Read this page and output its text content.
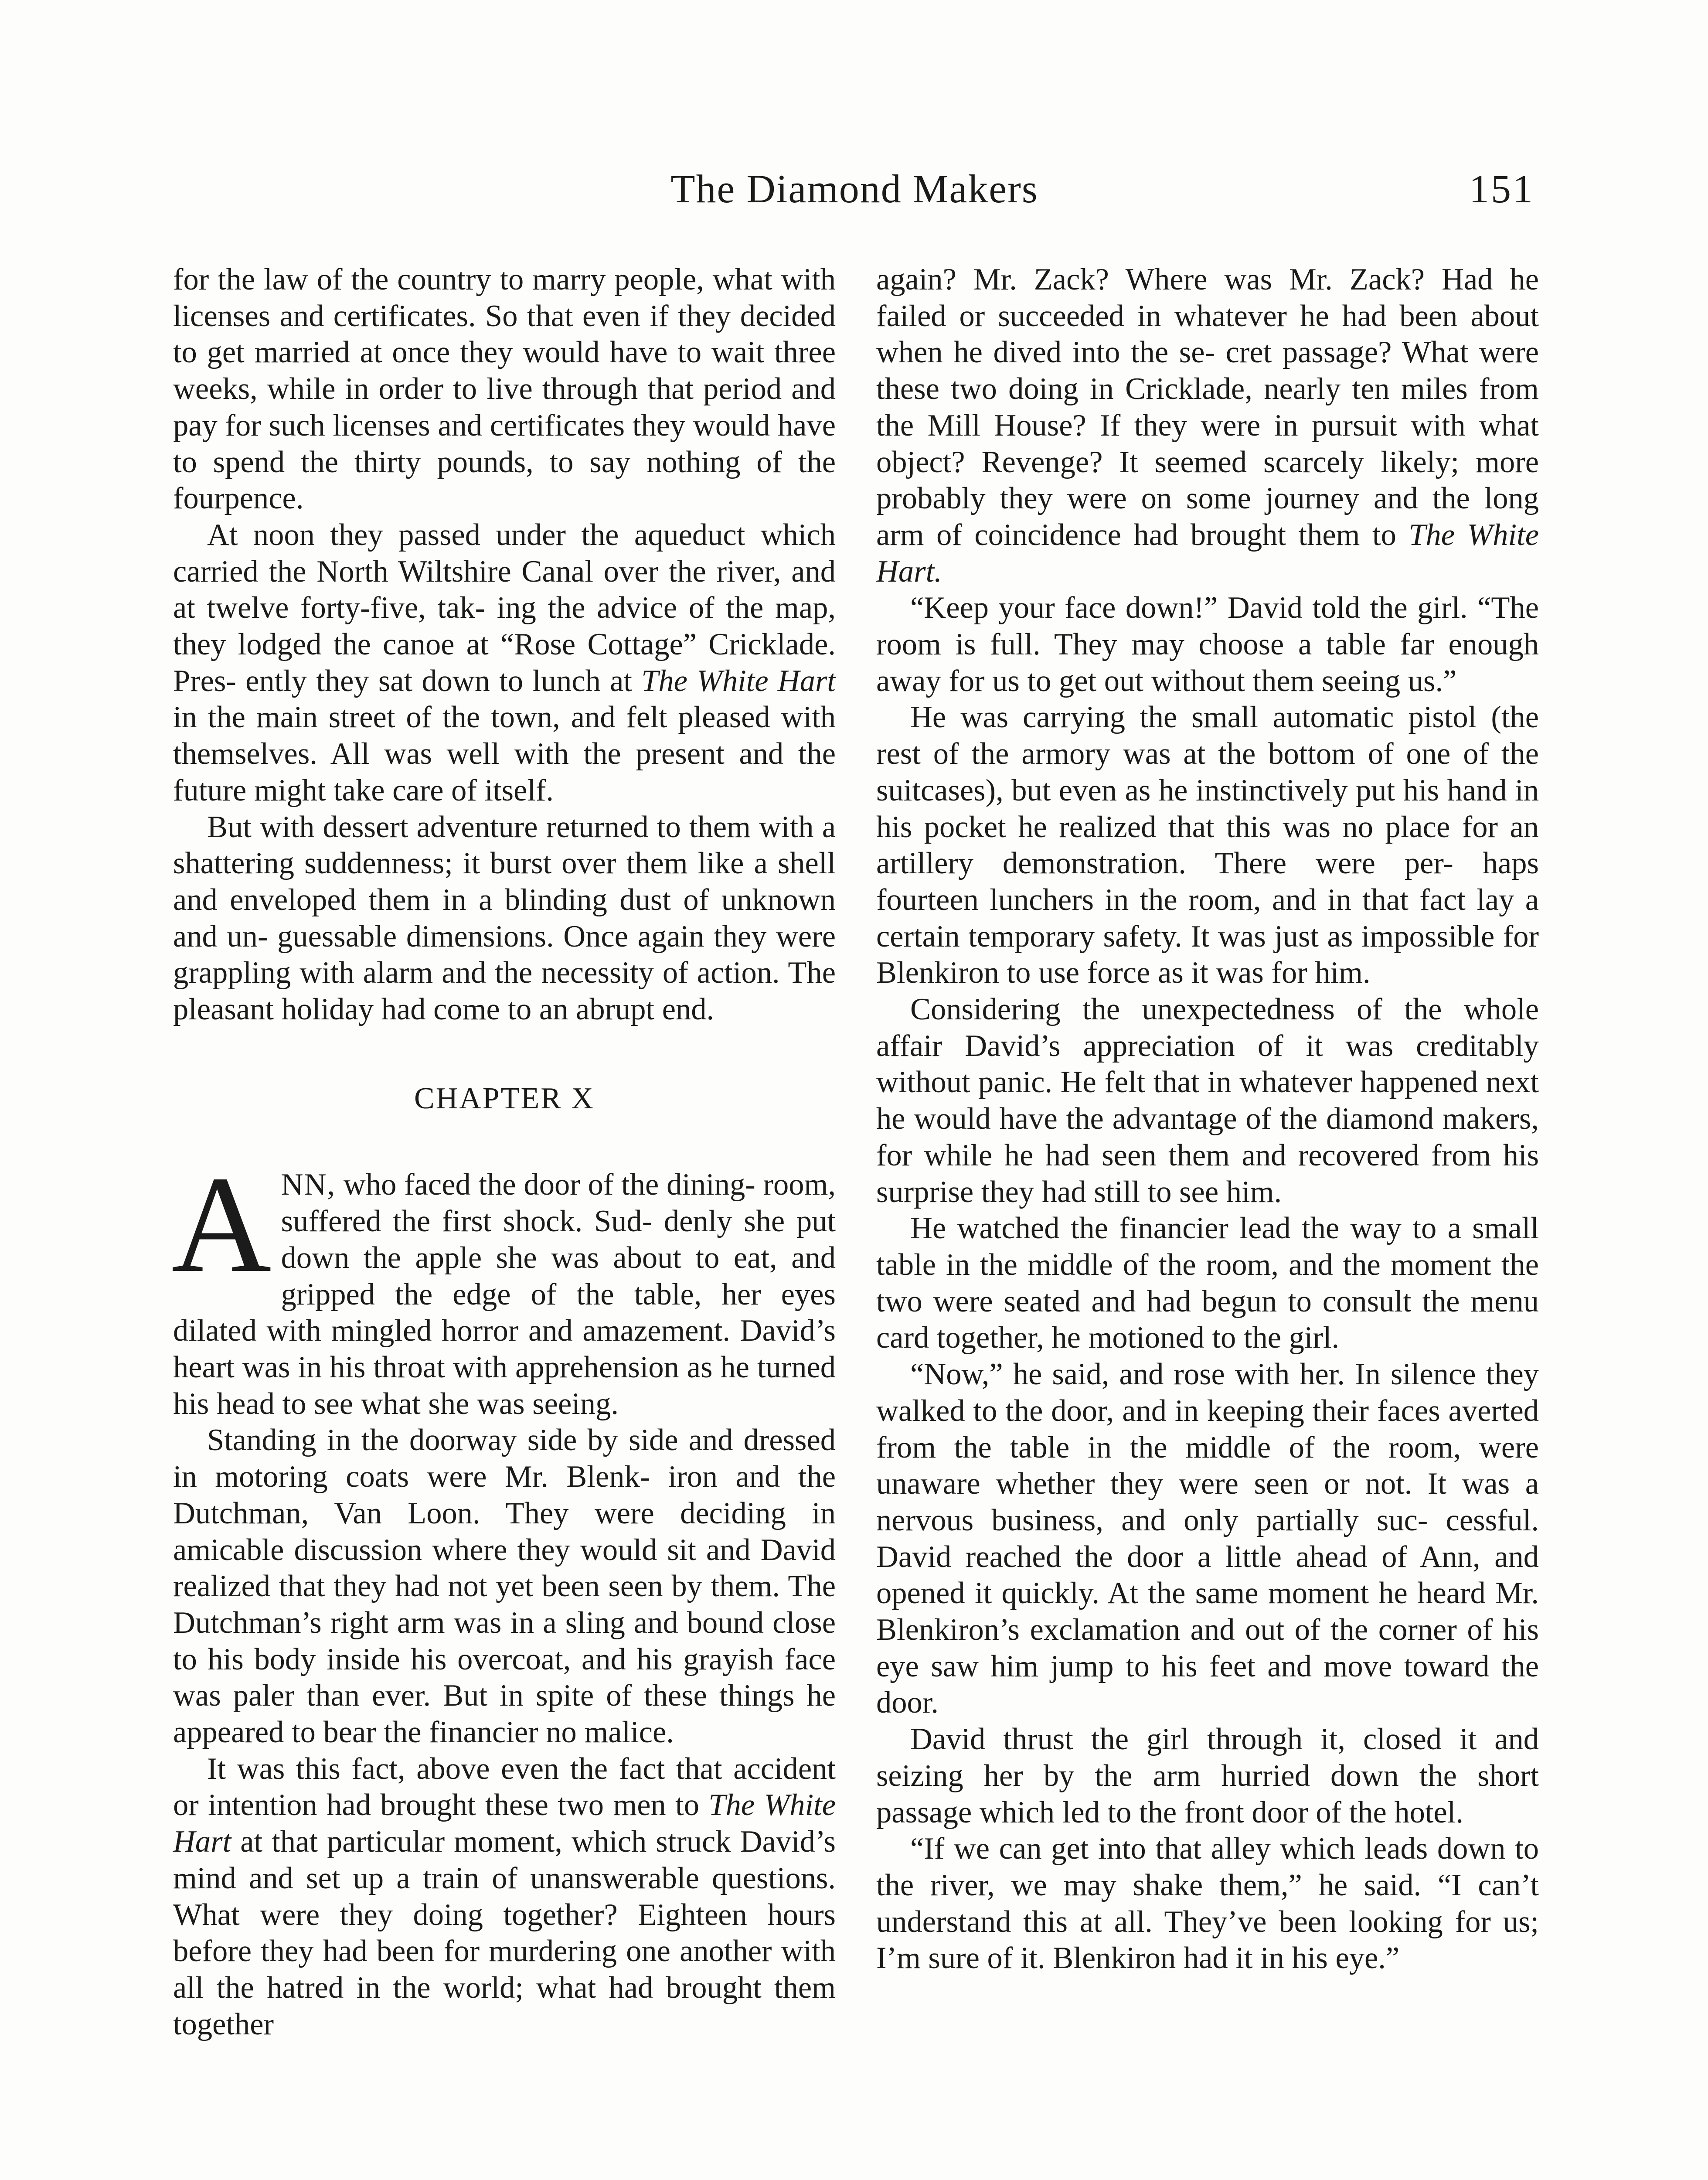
The Diamond Makers	151

for the law of the country to marry people, what with licenses and certificates. So that even if they decided to get married at once they would have to wait three weeks, while in order to live through that period and pay for such licenses and certificates they would have to spend the thirty pounds, to say nothing of the fourpence.

At noon they passed under the aqueduct which carried the North Wiltshire Canal over the river, and at twelve forty-five, tak- ing the advice of the map, they lodged the canoe at “Rose Cottage” Cricklade. Pres- ently they sat down to lunch at The White Hart in the main street of the town, and felt pleased with themselves. All was well with the present and the future might take care of itself.

But with dessert adventure returned to them with a shattering suddenness; it burst over them like a shell and enveloped them in a blinding dust of unknown and un- guessable dimensions. Once again they were grappling with alarm and the necessity of action. The pleasant holiday had come to an abrupt end.

CHAPTER X

ANN, who faced the door of the dining- room, suffered the first shock. Sud- denly she put down the apple she was about to eat, and gripped the edge of the table, her eyes dilated with mingled horror and amazement. David’s heart was in his throat with apprehension as he turned his head to see what she was seeing.

Standing in the doorway side by side and dressed in motoring coats were Mr. Blenk- iron and the Dutchman, Van Loon. They were deciding in amicable discussion where they would sit and David realized that they had not yet been seen by them. The Dutchman’s right arm was in a sling and bound close to his body inside his overcoat, and his grayish face was paler than ever. But in spite of these things he appeared to bear the financier no malice.

It was this fact, above even the fact that accident or intention had brought these two men to The White Hart at that particular moment, which struck David’s mind and set up a train of unanswerable questions. What were they doing together? Eighteen hours before they had been for murdering one another with all the hatred in the world; what had brought them together

again? Mr. Zack? Where was Mr. Zack? Had he failed or succeeded in whatever he had been about when he dived into the se- cret passage? What were these two doing in Cricklade, nearly ten miles from the Mill House? If they were in pursuit with what object? Revenge? It seemed scarcely likely; more probably they were on some journey and the long arm of coincidence had brought them to The White Hart.

“Keep your face down!” David told the girl. “The room is full. They may choose a table far enough away for us to get out without them seeing us.”

He was carrying the small automatic pistol (the rest of the armory was at the bottom of one of the suitcases), but even as he instinctively put his hand in his pocket he realized that this was no place for an artillery demonstration. There were per- haps fourteen lunchers in the room, and in that fact lay a certain temporary safety. It was just as impossible for Blenkiron to use force as it was for him.

Considering the unexpectedness of the whole affair David’s appreciation of it was creditably without panic. He felt that in whatever happened next he would have the advantage of the diamond makers, for while he had seen them and recovered from his surprise they had still to see him.

He watched the financier lead the way to a small table in the middle of the room, and the moment the two were seated and had begun to consult the menu card together, he motioned to the girl.

“Now,” he said, and rose with her. In silence they walked to the door, and in keeping their faces averted from the table in the middle of the room, were unaware whether they were seen or not. It was a nervous business, and only partially suc- cessful. David reached the door a little ahead of Ann, and opened it quickly. At the same moment he heard Mr. Blenkiron’s exclamation and out of the corner of his eye saw him jump to his feet and move toward the door.

David thrust the girl through it, closed it and seizing her by the arm hurried down the short passage which led to the front door of the hotel.

“If we can get into that alley which leads down to the river, we may shake them,” he said. “I can’t understand this at all. They’ve been looking for us; I’m sure of it. Blenkiron had it in his eye.”
